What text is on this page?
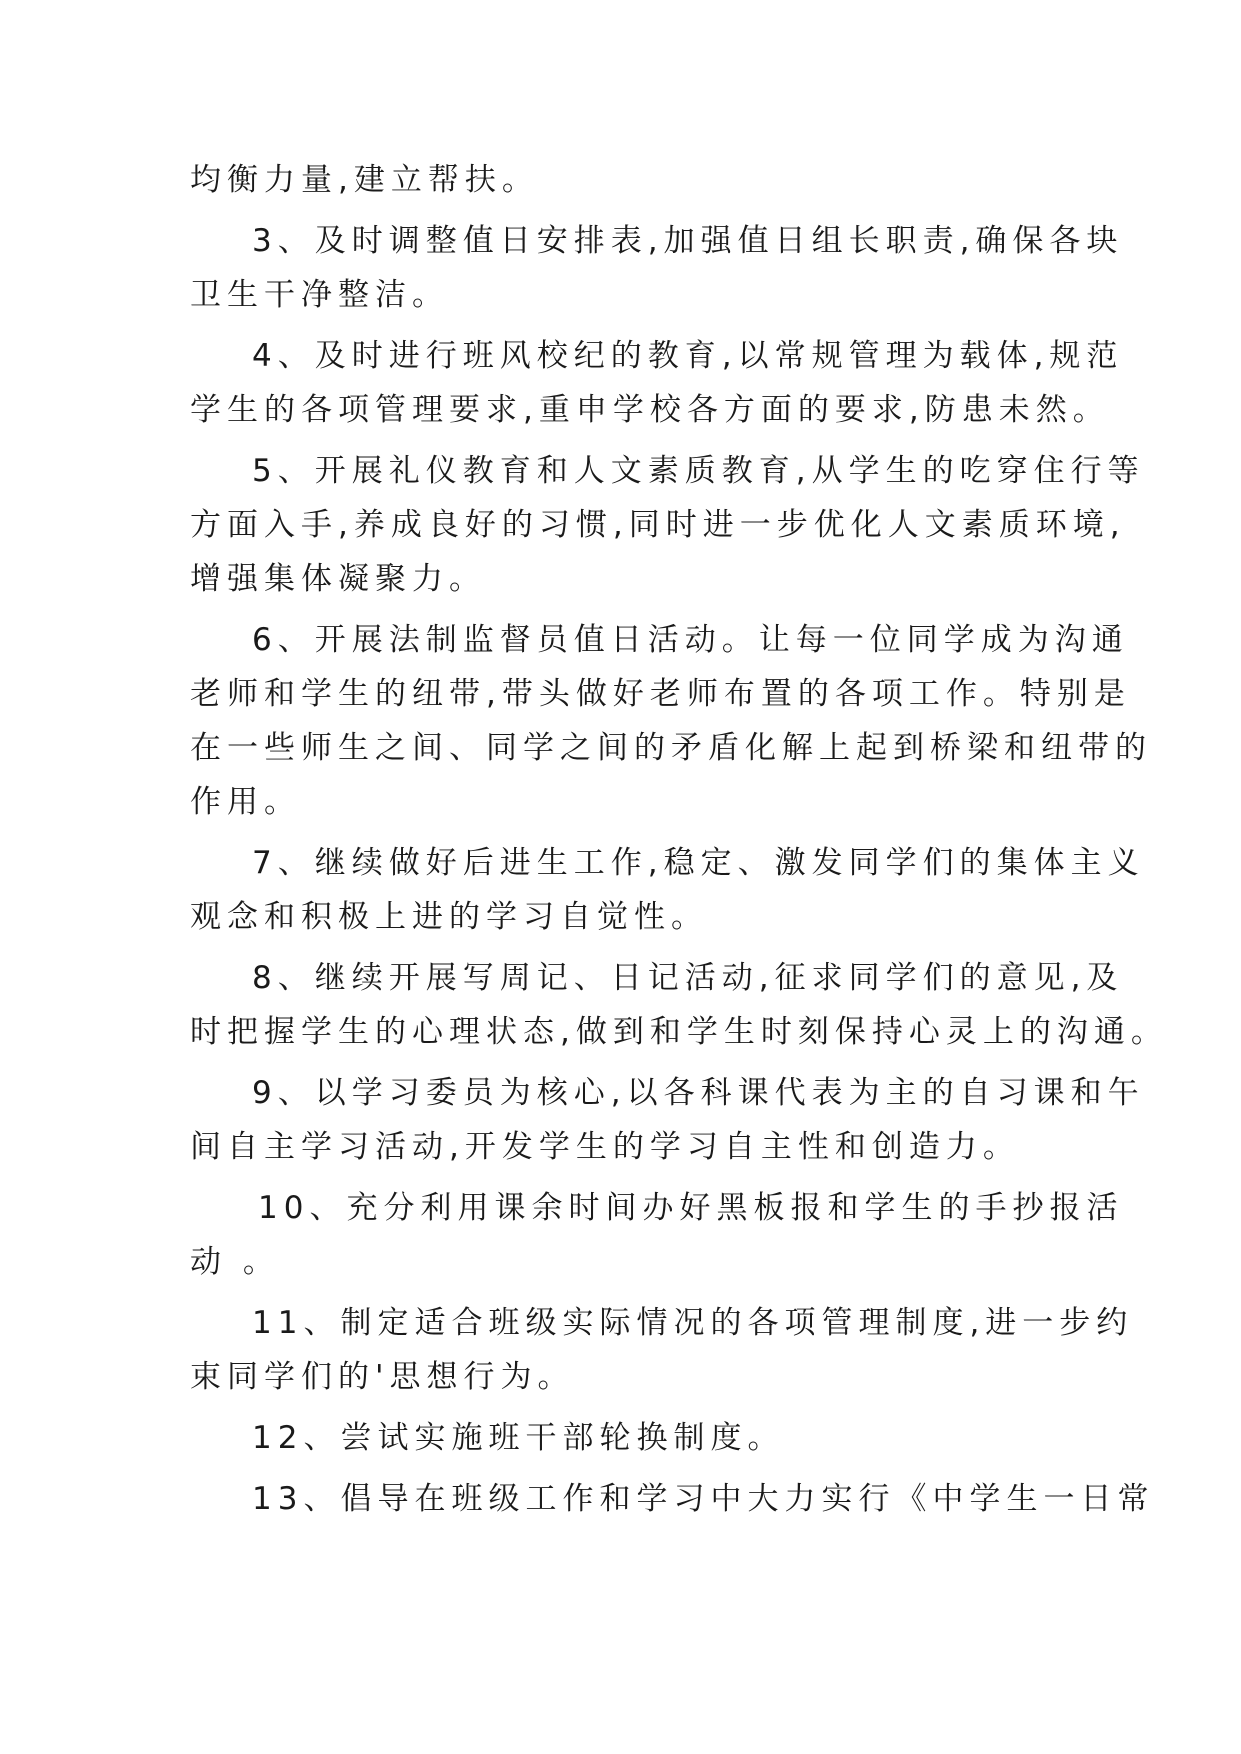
均衡力量,建立帮扶。
3、及时调整值日安排表,加强值日组长职责,确保各块
卫生干净整洁。
4、及时进行班风校纪的教育,以常规管理为载体,规范
学生的各项管理要求,重申学校各方面的要求,防患未然。
5、开展礼仪教育和人文素质教育,从学生的吃穿住行等
方面入手,养成良好的习惯,同时进一步优化人文素质环境,
增强集体凝聚力。
6、开展法制监督员值日活动。让每一位同学成为沟通
老师和学生的纽带,带头做好老师布置的各项工作。特别是
在一些师生之间、同学之间的矛盾化解上起到桥梁和纽带的
作用。
7、继续做好后进生工作,稳定、激发同学们的集体主义
观念和积极上进的学习自觉性。
8、继续开展写周记、日记活动,征求同学们的意见,及
时把握学生的心理状态,做到和学生时刻保持心灵上的沟通。
9、以学习委员为核心,以各科课代表为主的自习课和午
间自主学习活动,开发学生的学习自主性和创造力。
10、充分利用课余时间办好黑板报和学生的手抄报活
动 。
11、制定适合班级实际情况的各项管理制度,进一步约
束同学们的'思想行为。
12、尝试实施班干部轮换制度。
13、倡导在班级工作和学习中大力实行《中学生一日常
